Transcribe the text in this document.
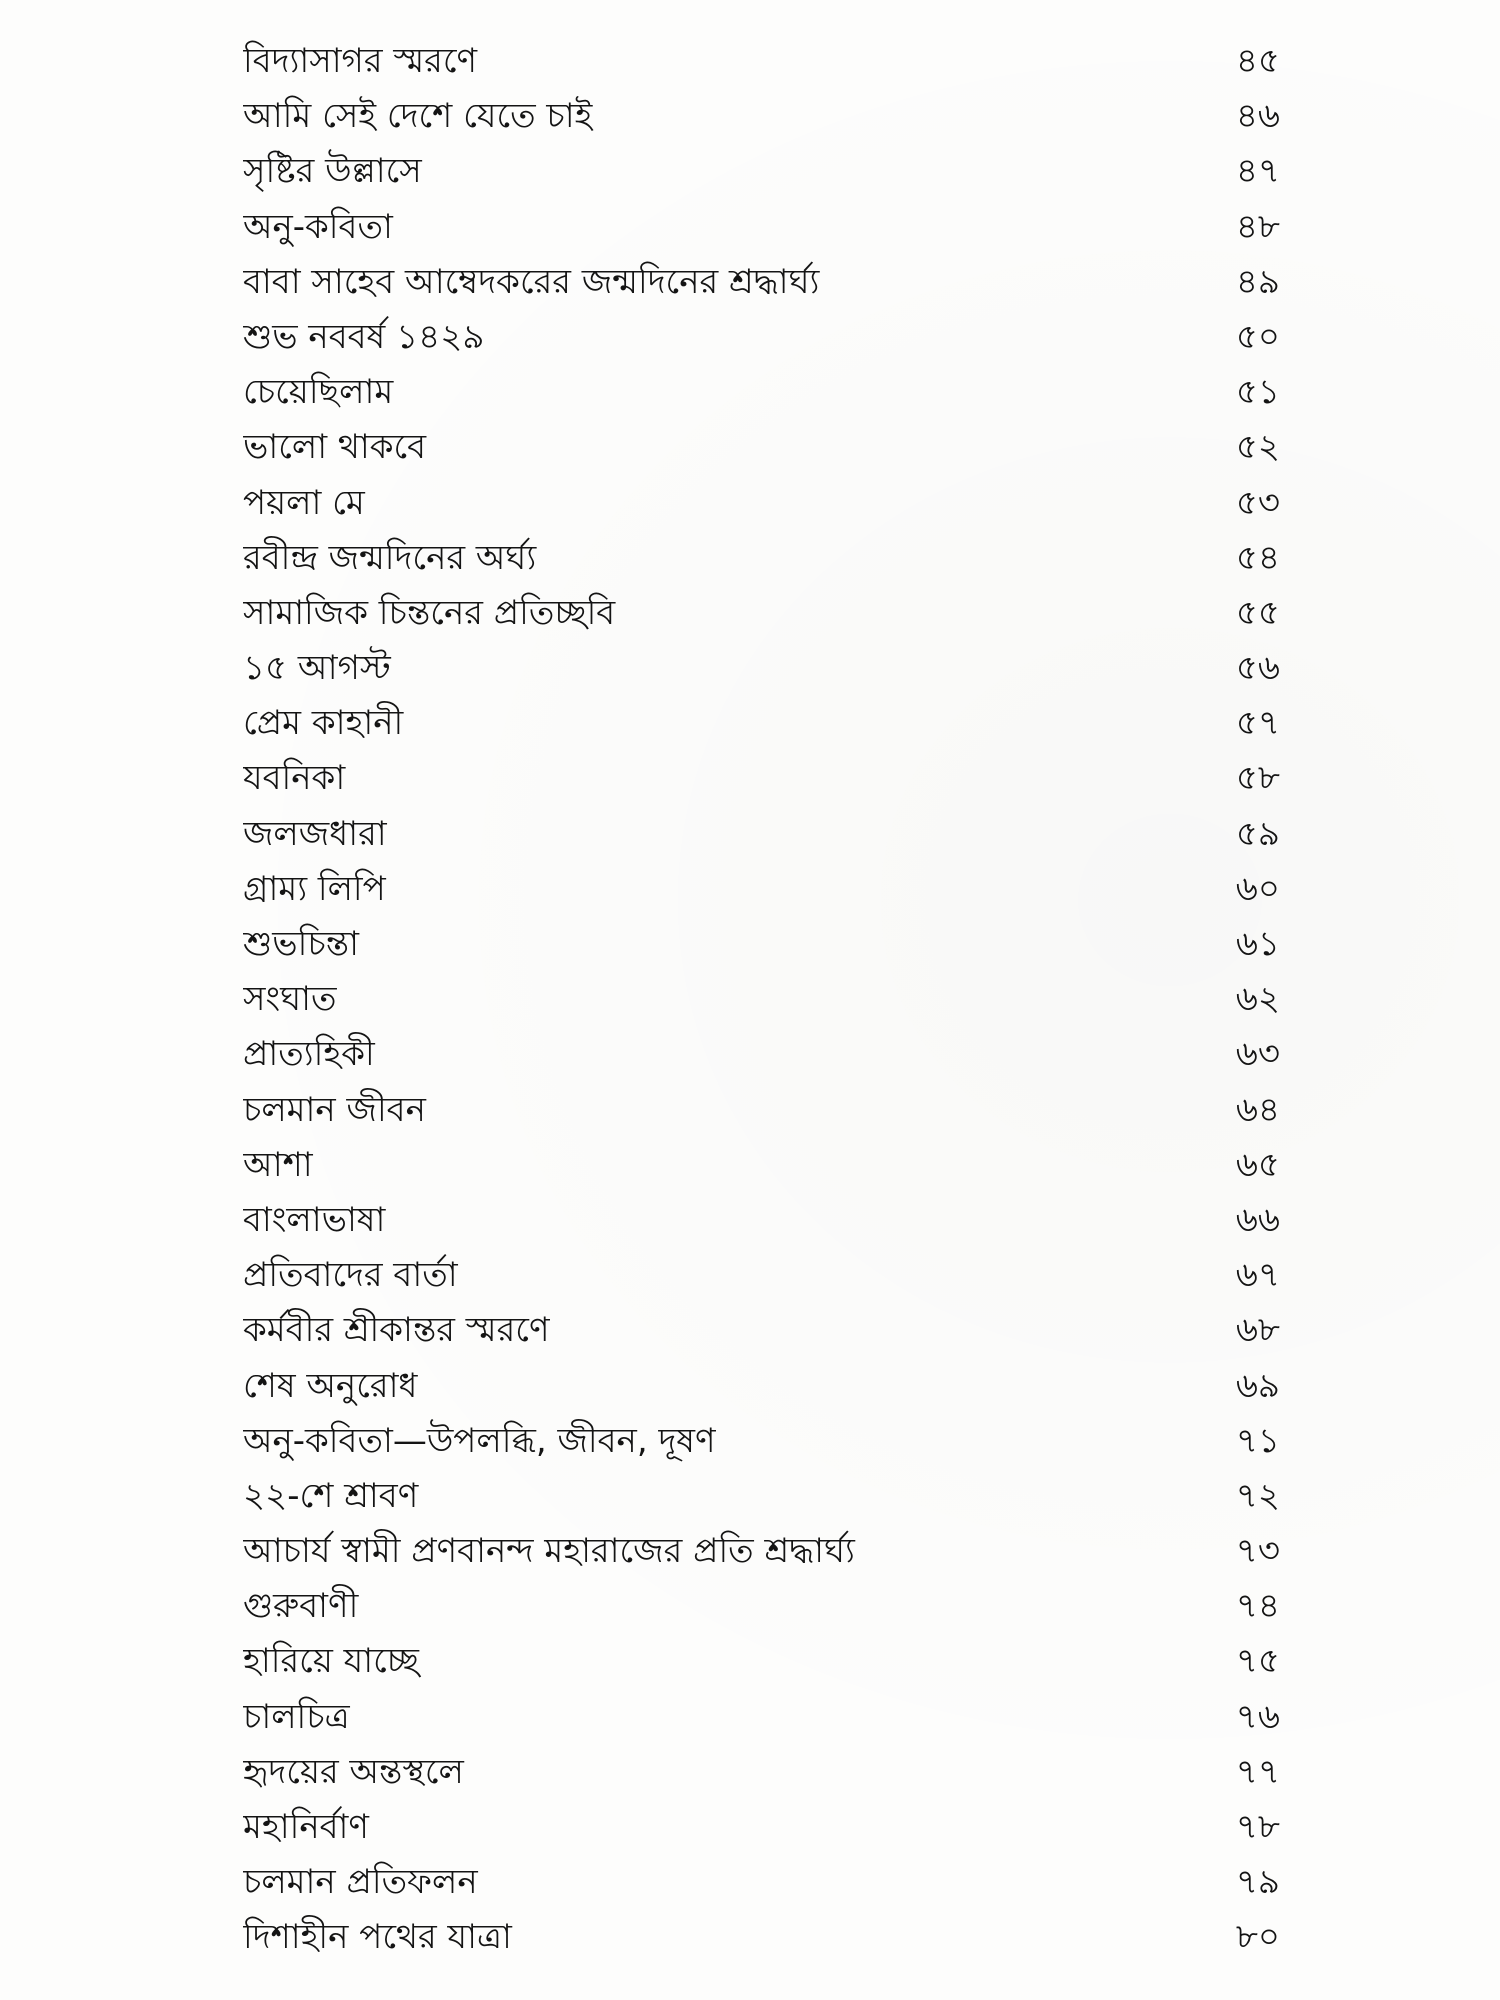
বিদ্যাসাগর স্মরণে	৪৫
আমি সেই দেশে যেতে চাই	৪৬
সৃষ্টির উল্লাসে	৪৭
অনু-কবিতা	৪৮
বাবা সাহেব আম্বেদকরের জন্মদিনের শ্রদ্ধার্ঘ্য	৪৯
শুভ নববর্ষ ১৪২৯	৫০
চেয়েছিলাম	৫১
ভালো থাকবে	৫২
পয়লা মে	৫৩
রবীন্দ্র জন্মদিনের অর্ঘ্য	৫৪
সামাজিক চিন্তনের প্রতিচ্ছবি	৫৫
১৫ আগস্ট	৫৬
প্রেম কাহানী	৫৭
যবনিকা	৫৮
জলজধারা	৫৯
গ্রাম্য লিপি	৬০
শুভচিন্তা	৬১
সংঘাত	৬২
প্রাত্যহিকী	৬৩
চলমান জীবন	৬৪
আশা	৬৫
বাংলাভাষা	৬৬
প্রতিবাদের বার্তা	৬৭
কর্মবীর শ্রীকান্তর স্মরণে	৬৮
শেষ অনুরোধ	৬৯
অনু-কবিতা—উপলব্ধি, জীবন, দূষণ	৭১
২২-শে শ্রাবণ	৭২
আচার্য স্বামী প্রণবানন্দ মহারাজের প্রতি শ্রদ্ধার্ঘ্য	৭৩
গুরুবাণী	৭৪
হারিয়ে যাচ্ছে	৭৫
চালচিত্র	৭৬
হৃদয়ের অন্তস্থলে	৭৭
মহানির্বাণ	৭৮
চলমান প্রতিফলন	৭৯
দিশাহীন পথের যাত্রা	৮০
